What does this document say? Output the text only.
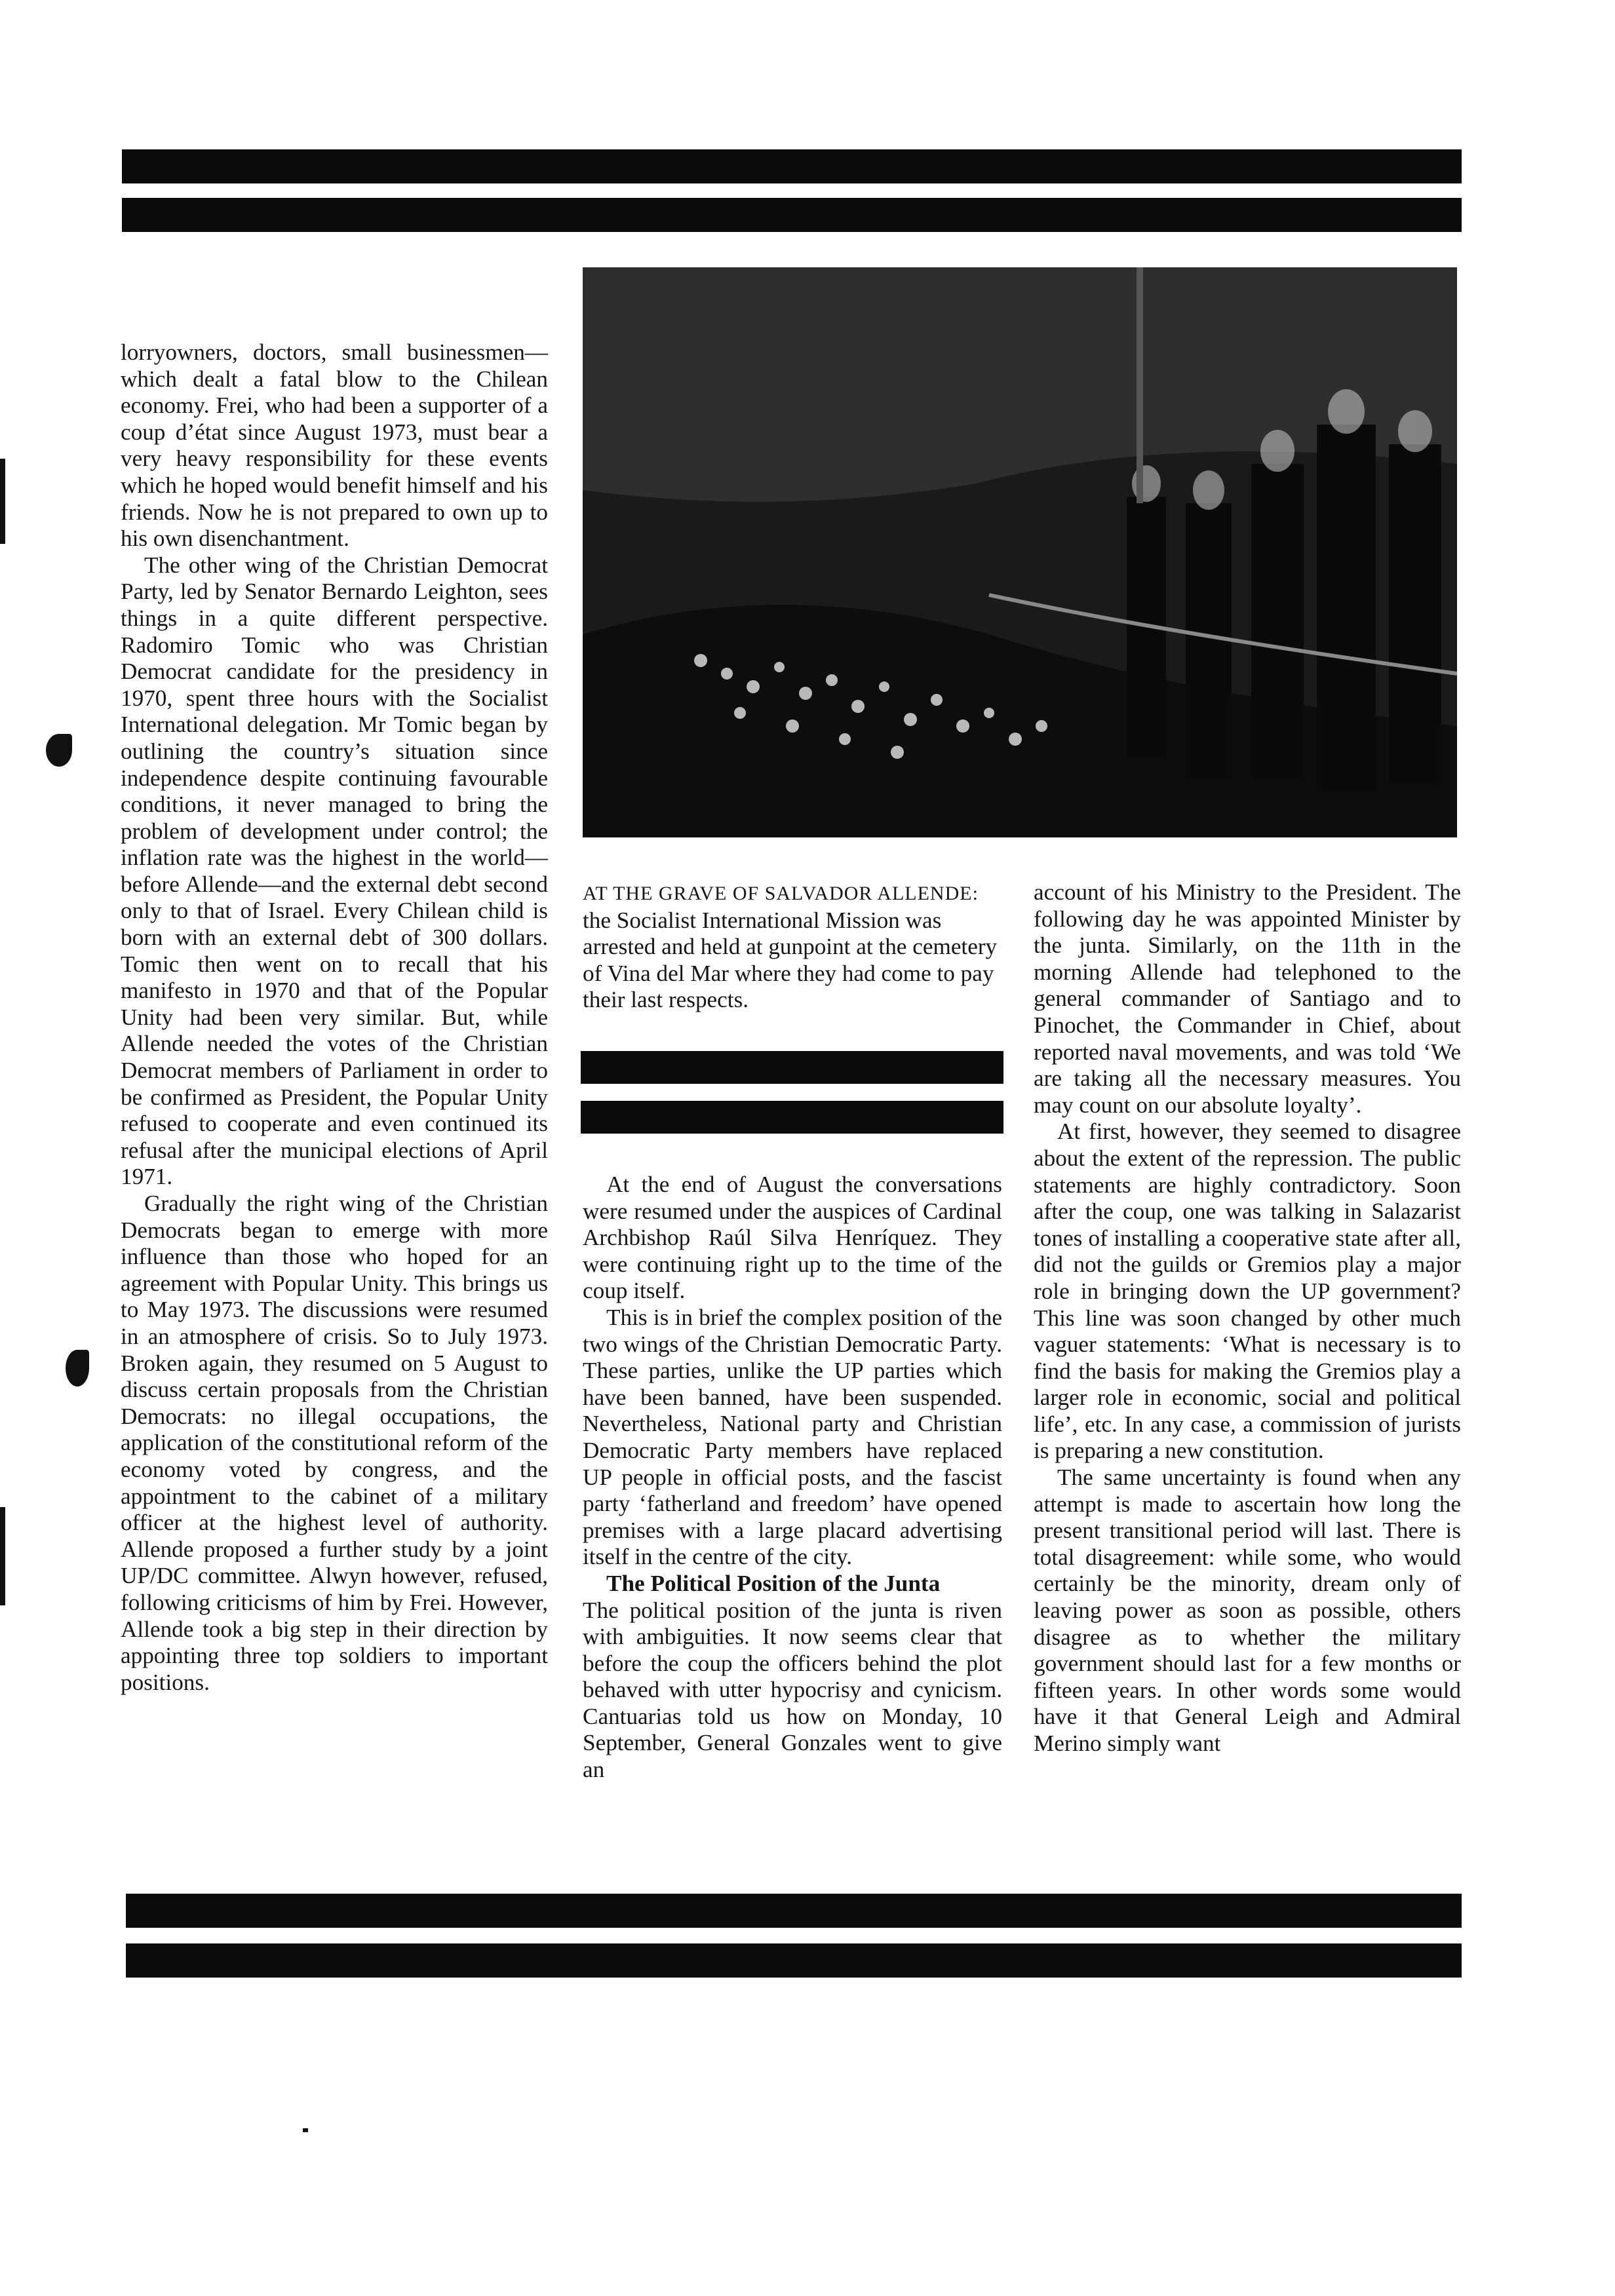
lorryowners, doctors, small businessmen—which dealt a fatal blow to the Chilean economy. Frei, who had been a supporter of a coup d’état since August 1973, must bear a very heavy responsibility for these events which he hoped would benefit himself and his friends. Now he is not prepared to own up to his own disenchantment.

The other wing of the Christian Democrat Party, led by Senator Bernardo Leighton, sees things in a quite different perspective. Radomiro Tomic who was Christian Democrat candidate for the presidency in 1970, spent three hours with the Socialist International delegation. Mr Tomic began by outlining the country’s situation since independence despite continuing favourable conditions, it never managed to bring the problem of development under control; the inflation rate was the highest in the world—before Allende—and the external debt second only to that of Israel. Every Chilean child is born with an external debt of 300 dollars. Tomic then went on to recall that his manifesto in 1970 and that of the Popular Unity had been very similar. But, while Allende needed the votes of the Christian Democrat members of Parliament in order to be confirmed as President, the Popular Unity refused to cooperate and even continued its refusal after the municipal elections of April 1971.

Gradually the right wing of the Christian Democrats began to emerge with more influence than those who hoped for an agreement with Popular Unity. This brings us to May 1973. The discussions were resumed in an atmosphere of crisis. So to July 1973. Broken again, they resumed on 5 August to discuss certain proposals from the Christian Democrats: no illegal occupations, the application of the constitutional reform of the economy voted by congress, and the appointment to the cabinet of a military officer at the highest level of authority. Allende proposed a further study by a joint UP/DC committee. Alwyn however, refused, following criticisms of him by Frei. However, Allende took a big step in their direction by appointing three top soldiers to important positions.

AT THE GRAVE OF SALVADOR ALLENDE: the Socialist International Mission was arrested and held at gunpoint at the cemetery of Vina del Mar where they had come to pay their last respects.

At the end of August the conversations were resumed under the auspices of Cardinal Archbishop Raúl Silva Henríquez. They were continuing right up to the time of the coup itself.

This is in brief the complex position of the two wings of the Christian Democratic Party. These parties, unlike the UP parties which have been banned, have been suspended. Nevertheless, National party and Christian Democratic Party members have replaced UP people in official posts, and the fascist party ‘fatherland and freedom’ have opened premises with a large placard advertising itself in the centre of the city.

The Political Position of the Junta

The political position of the junta is riven with ambiguities. It now seems clear that before the coup the officers behind the plot behaved with utter hypocrisy and cynicism. Cantuarias told us how on Monday, 10 September, General Gonzales went to give an

account of his Ministry to the President. The following day he was appointed Minister by the junta. Similarly, on the 11th in the morning Allende had telephoned to the general commander of Santiago and to Pinochet, the Commander in Chief, about reported naval movements, and was told ‘We are taking all the necessary measures. You may count on our absolute loyalty’.

At first, however, they seemed to disagree about the extent of the repression. The public statements are highly contradictory. Soon after the coup, one was talking in Salazarist tones of installing a cooperative state after all, did not the guilds or Gremios play a major role in bringing down the UP government? This line was soon changed by other much vaguer statements: ‘What is necessary is to find the basis for making the Gremios play a larger role in economic, social and political life’, etc. In any case, a commission of jurists is preparing a new constitution.

The same uncertainty is found when any attempt is made to ascertain how long the present transitional period will last. There is total disagreement: while some, who would certainly be the minority, dream only of leaving power as soon as possible, others disagree as to whether the military government should last for a few months or fifteen years. In other words some would have it that General Leigh and Admiral Merino simply want
